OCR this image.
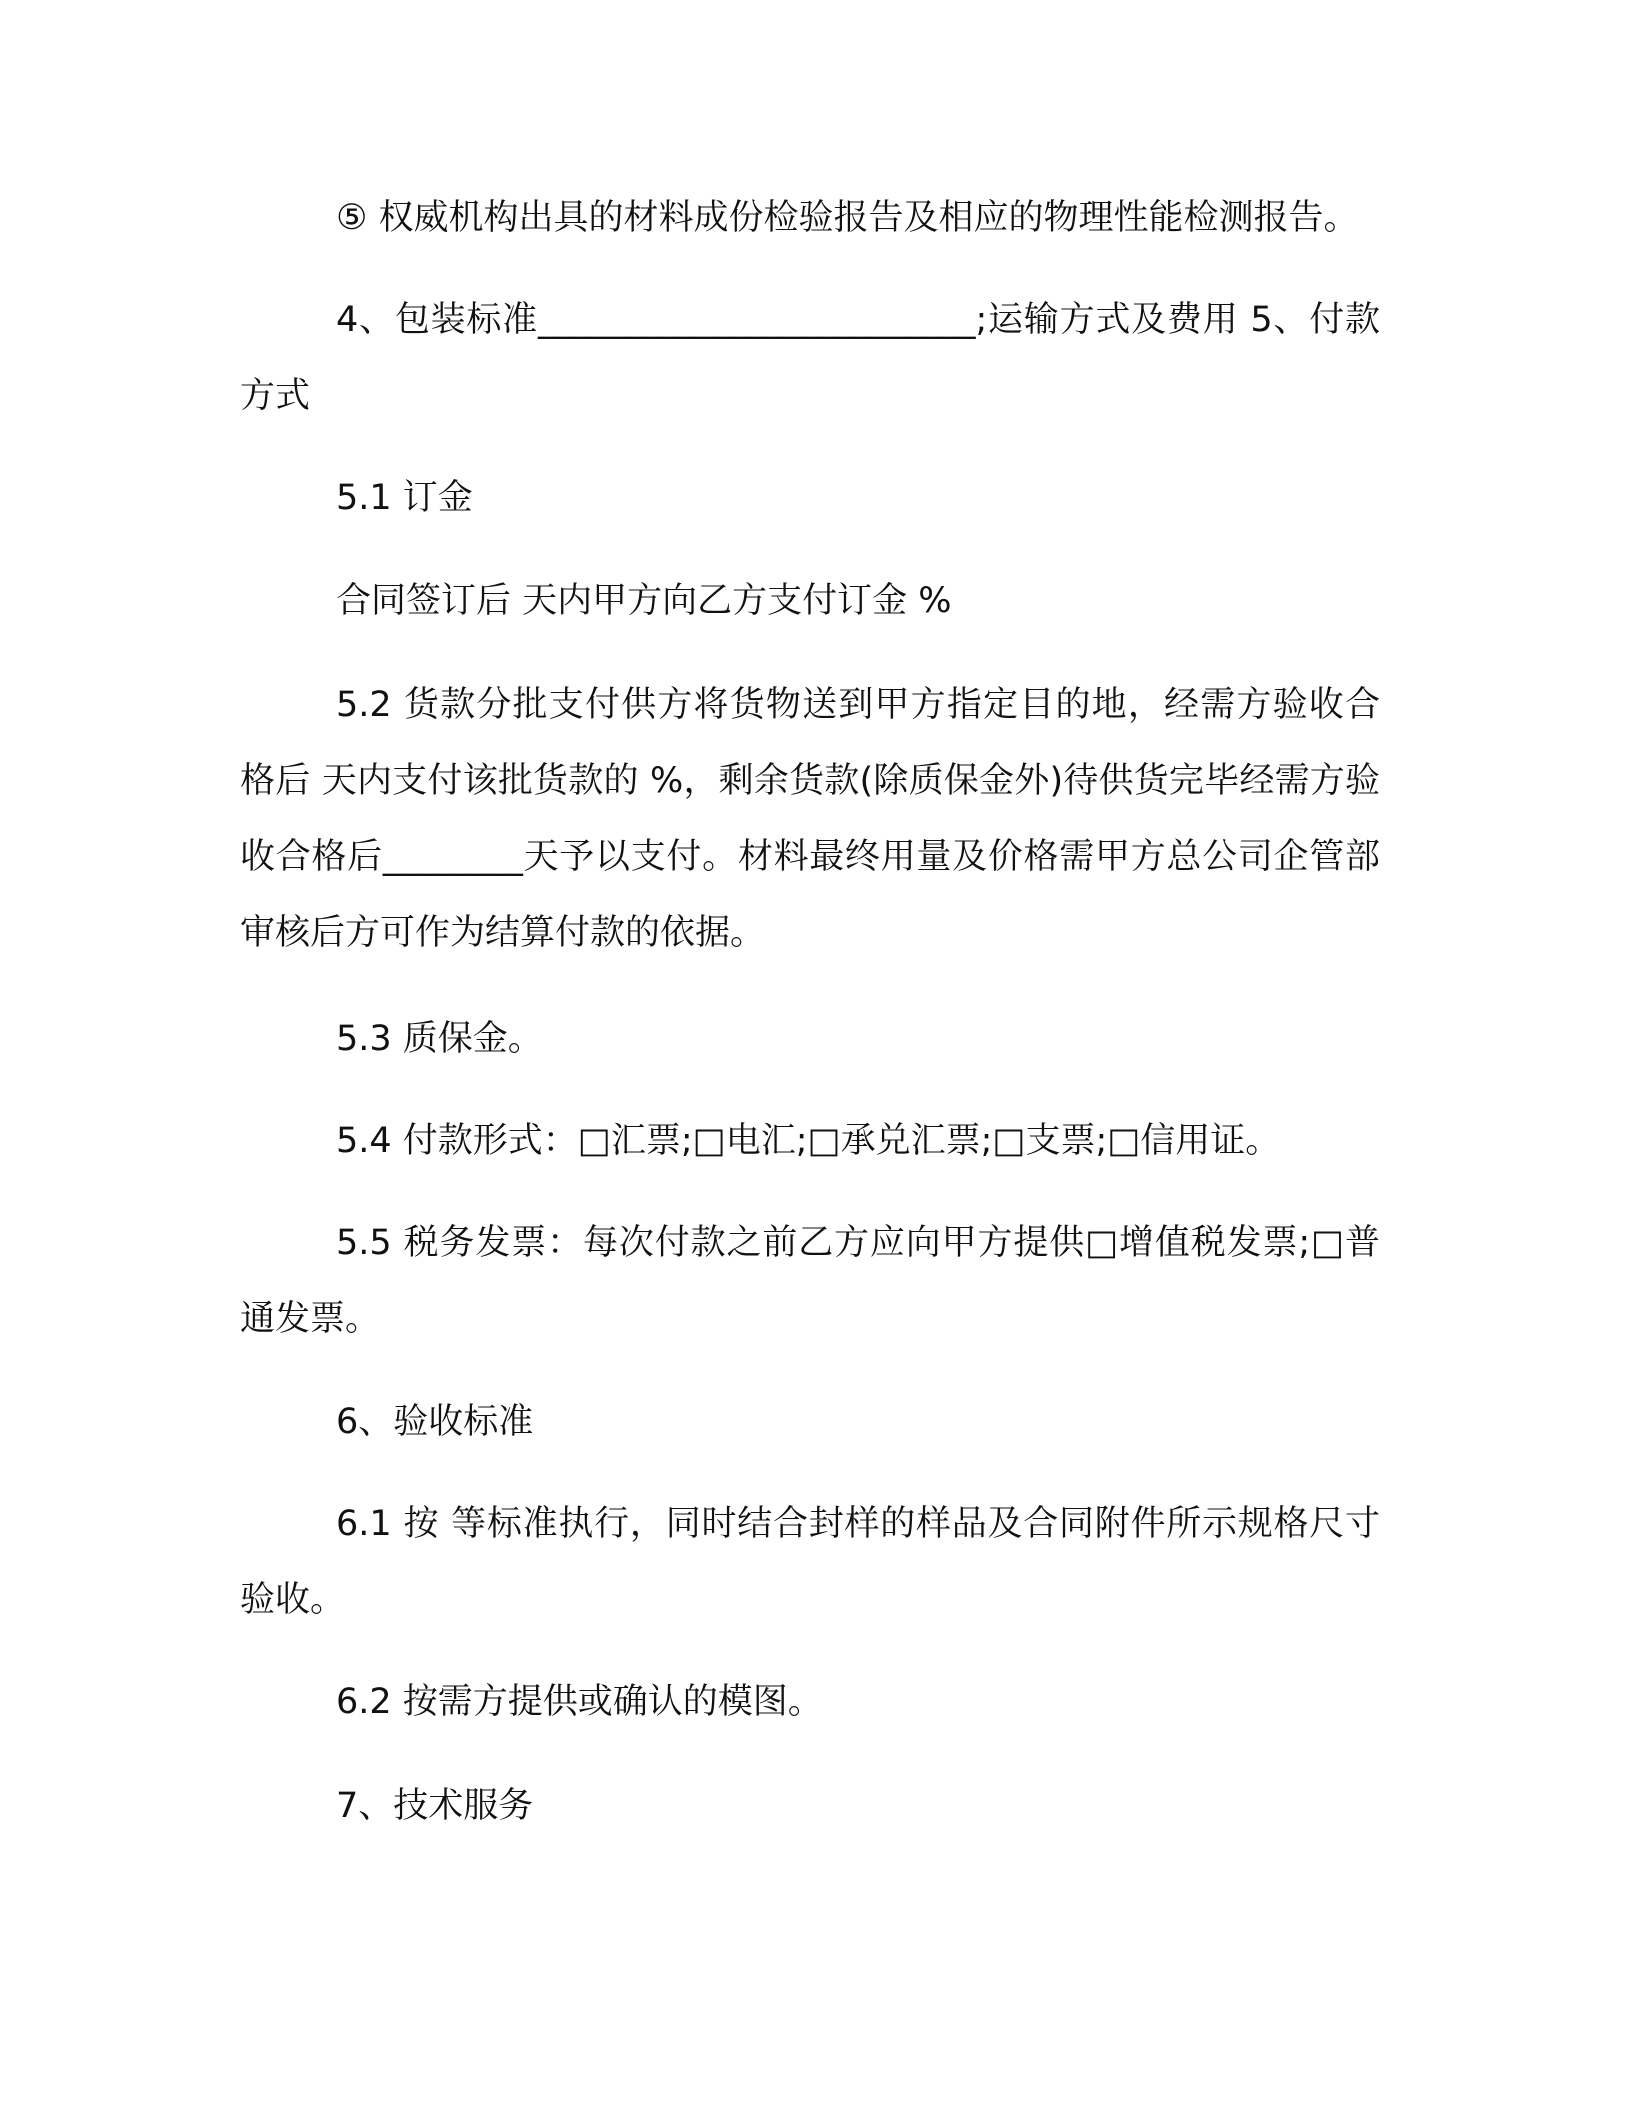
⑤ 权威机构出具的材料成份检验报告及相应的物理性能检测报告。

4、包装标准_________________________;运输方式及费用 5、付款方式

5.1 订金

合同签订后 天内甲方向乙方支付订金 %

5.2 货款分批支付供方将货物送到甲方指定目的地，经需方验收合格后 天内支付该批货款的 %，剩余货款(除质保金外)待供货完毕经需方验收合格后________天予以支付。材料最终用量及价格需甲方总公司企管部审核后方可作为结算付款的依据。

5.3 质保金。

5.4 付款形式：□汇票;□电汇;□承兑汇票;□支票;□信用证。

5.5 税务发票：每次付款之前乙方应向甲方提供□增值税发票;□普通发票。

6、验收标准

6.1 按 等标准执行，同时结合封样的样品及合同附件所示规格尺寸验收。

6.2 按需方提供或确认的模图。

7、技术服务
